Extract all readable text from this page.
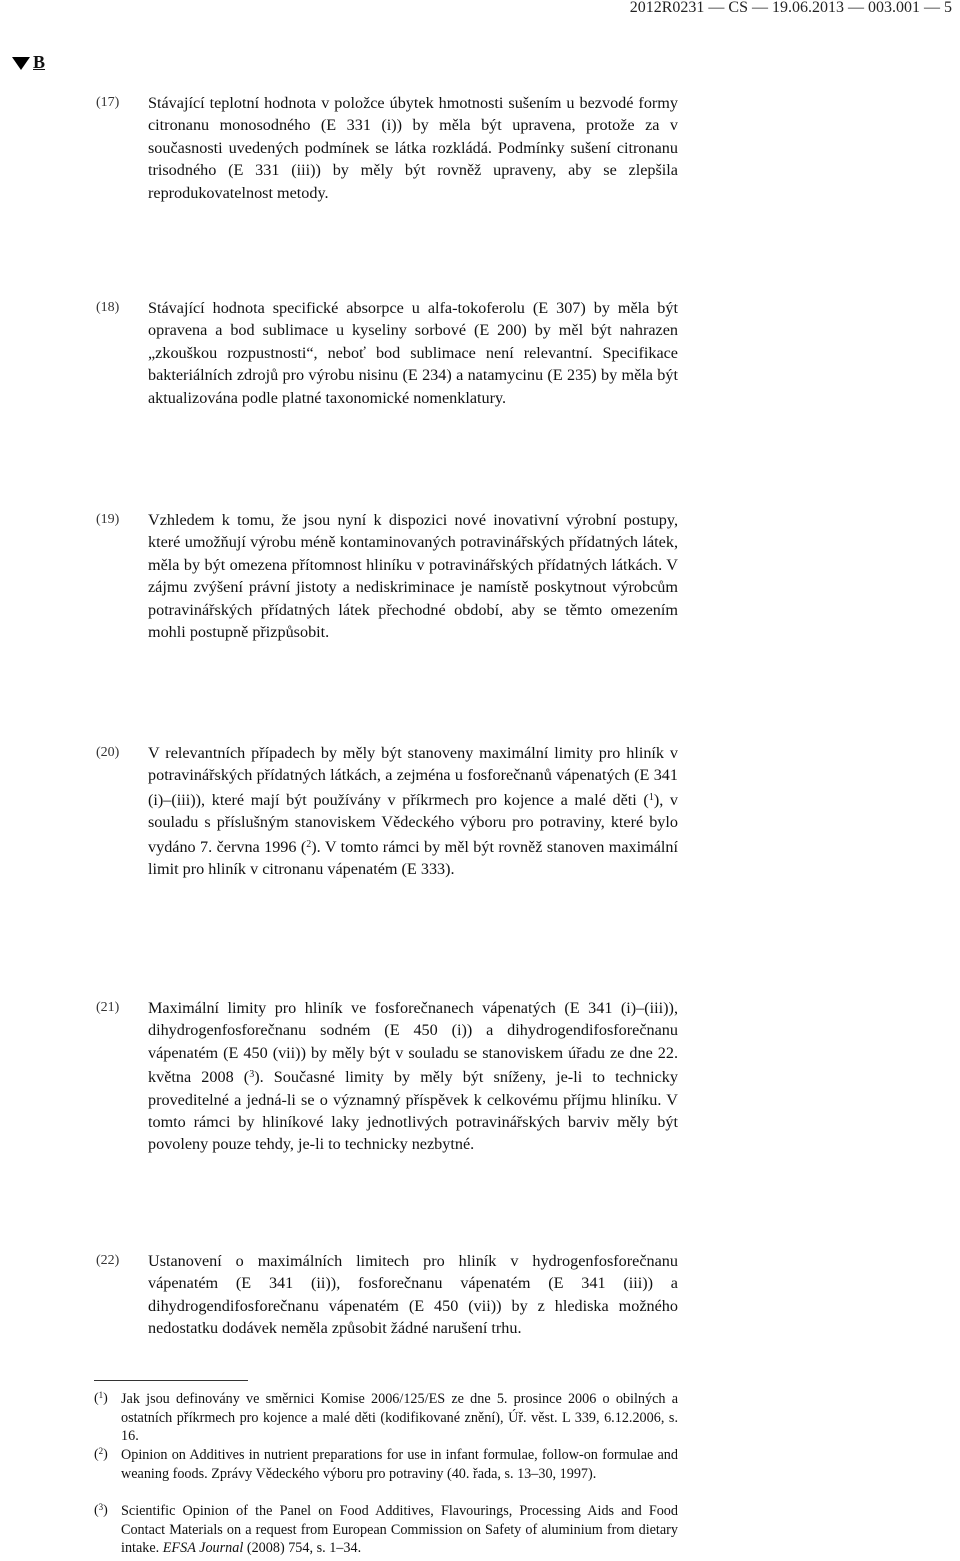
2012R0231 — CS — 19.06.2013 — 003.001 — 5
B
(17) Stávající teplotní hodnota v položce úbytek hmotnosti sušením u bezvodé formy citronanu monosodného (E 331 (i)) by měla být upravena, protože za v současnosti uvedených podmínek se látka rozkládá. Podmínky sušení citronanu trisodného (E 331 (iii)) by měly být rovněž upraveny, aby se zlepšila reprodukovatelnost metody.

(18) Stávající hodnota specifické absorpce u alfa-tokoferolu (E 307) by měla být opravena a bod sublimace u kyseliny sorbové (E 200) by měl být nahrazen „zkouškou rozpustnosti“, neboť bod sublimace není relevantní. Specifikace bakteriálních zdrojů pro výrobu nisinu (E 234) a natamycinu (E 235) by měla být aktualizována podle platné taxonomické nomenklatury.

(19) Vzhledem k tomu, že jsou nyní k dispozici nové inovativní výrobní postupy, které umožňují výrobu méně kontaminovaných potravinářských přídatných látek, měla by být omezena přítomnost hliníku v potravinářských přídatných látkách. V zájmu zvýšení právní jistoty a nediskriminace je namístě poskytnout výrobcům potravinářských přídatných látek přechodné období, aby se těmto omezením mohli postupně přizpůsobit.

(20) V relevantních případech by měly být stanoveny maximální limity pro hliník v potravinářských přídatných látkách, a zejména u fosforečnanů vápenatých (E 341 (i)–(iii)), které mají být používány v příkrmech pro kojence a malé děti ($^1$), v souladu s příslušným stanoviskem Vědeckého výboru pro potraviny, které bylo vydáno 7. června 1996 ($^2$). V tomto rámci by měl být rovněž stanoven maximální limit pro hliník v citronanu vápenatém (E 333).

(21) Maximální limity pro hliník ve fosforečnanech vápenatých (E 341 (i)–(iii)), dihydrogenfosforečnanu sodném (E 450 (i)) a dihydrogendifosforečnanu vápenatém (E 450 (vii)) by měly být v souladu se stanoviskem úřadu ze dne 22. května 2008 ($^3$). Současné limity by měly být sníženy, je-li to technicky proveditelné a jedná-li se o významný příspěvek k celkovému příjmu hliníku. V tomto rámci by hliníkové laky jednotlivých potravinářských barviv měly být povoleny pouze tehdy, je-li to technicky nezbytné.

(22) Ustanovení o maximálních limitech pro hliník v hydrogenfosforečnanu vápenatém (E 341 (ii)), fosforečnanu vápenatém (E 341 (iii)) a dihydrogendifosforečnanu vápenatém (E 450 (vii)) by z hlediska možného nedostatku dodávek neměla způsobit žádné narušení trhu.

($^1$) Jak jsou definovány ve směrnici Komise 2006/125/ES ze dne 5. prosince 2006 o obilných a ostatních příkrmech pro kojence a malé děti (kodifikované znění), Úř. věst. L 339, 6.12.2006, s. 16.

($^2$) Opinion on Additives in nutrient preparations for use in infant formulae, follow-on formulae and weaning foods. Zprávy Vědeckého výboru pro potraviny (40. řada, s. 13–30, 1997).

($^3$) Scientific Opinion of the Panel on Food Additives, Flavourings, Processing Aids and Food Contact Materials on a request from European Commission on Safety of aluminium from dietary intake. EFSA Journal (2008) 754, s. 1–34.
